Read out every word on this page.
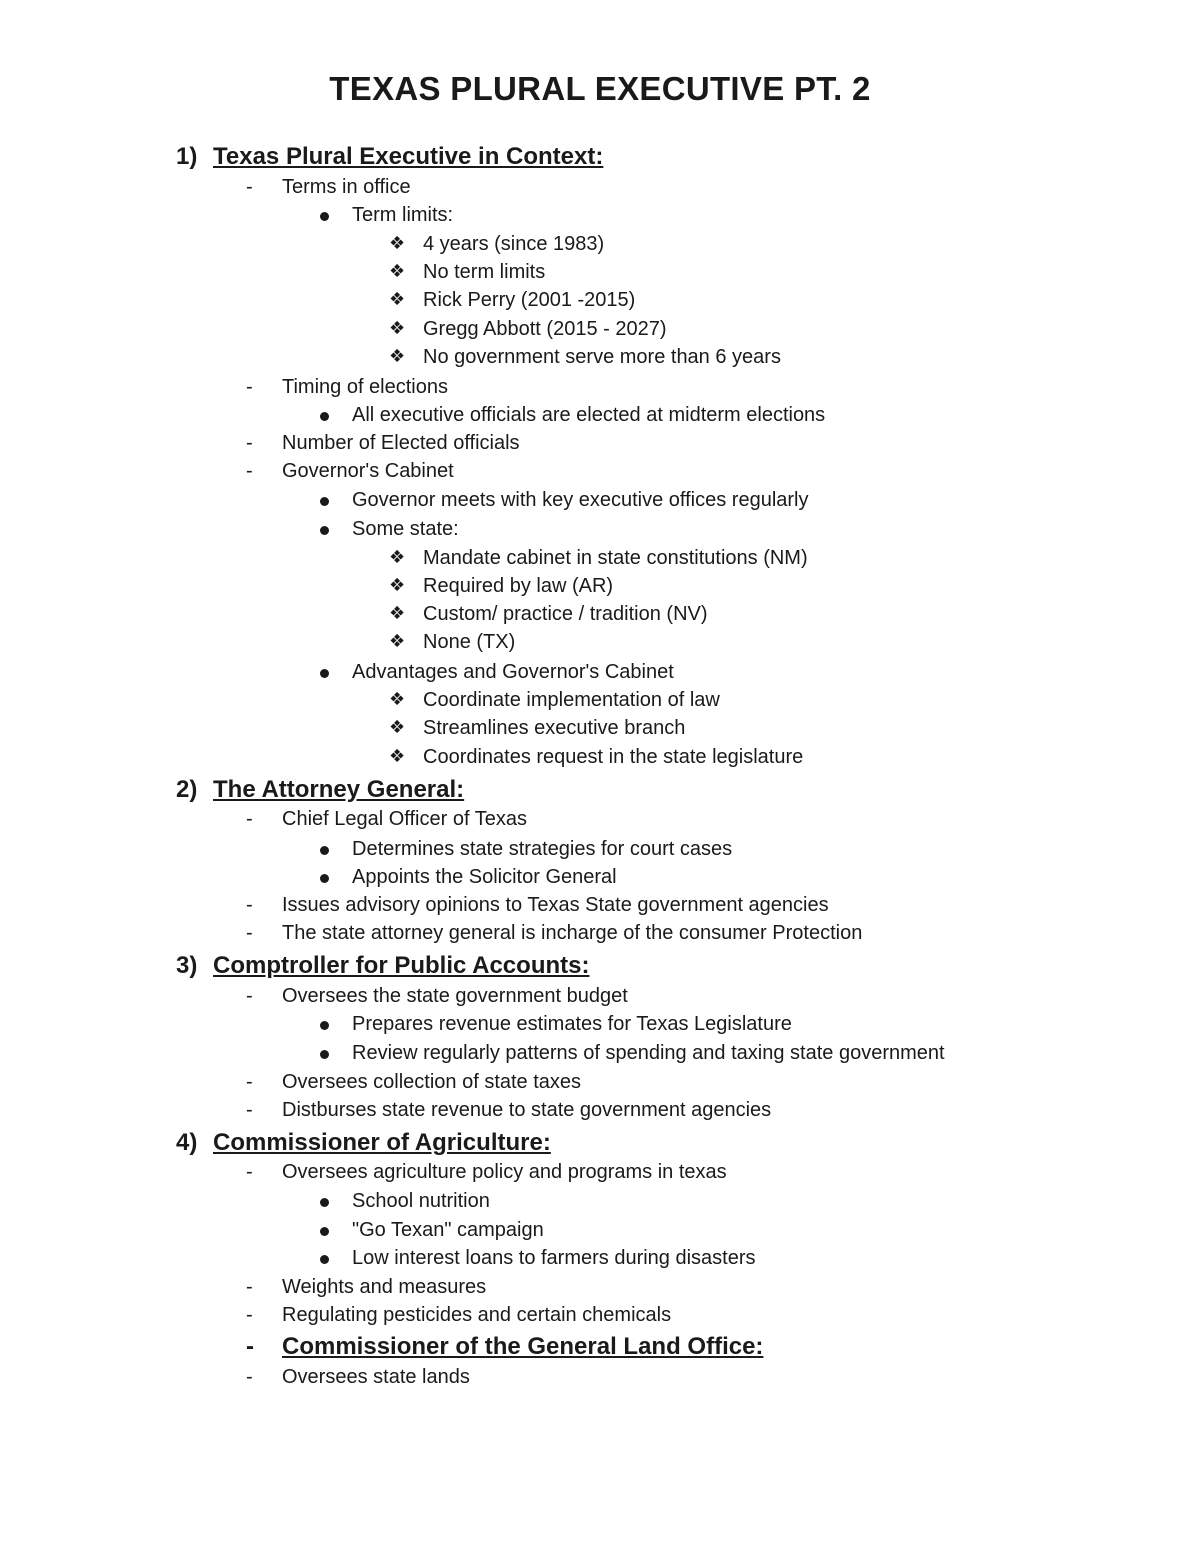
TEXAS PLURAL EXECUTIVE PT. 2
1) Texas Plural Executive in Context:
- Terms in office
Term limits:
❖ 4 years (since 1983)
❖ No term limits
❖ Rick Perry (2001 -2015)
❖ Gregg Abbott (2015 - 2027)
❖ No government serve more than 6 years
- Timing of elections
All executive officials are elected at midterm elections
- Number of Elected officials
- Governor's Cabinet
Governor meets with key executive offices regularly
Some state:
❖ Mandate cabinet in state constitutions (NM)
❖ Required by law (AR)
❖ Custom/ practice / tradition (NV)
❖ None (TX)
Advantages and Governor's Cabinet
❖ Coordinate implementation of law
❖ Streamlines executive branch
❖ Coordinates request in the state legislature
2) The Attorney General:
- Chief Legal Officer of Texas
Determines state strategies for court cases
Appoints the Solicitor General
- Issues advisory opinions to Texas State government agencies
- The state attorney general is incharge of the consumer Protection
3) Comptroller for Public Accounts:
- Oversees the state government budget
Prepares revenue estimates for Texas Legislature
Review regularly patterns of spending and taxing state government
- Oversees collection of state taxes
- Distburses state revenue to state government agencies
4) Commissioner of Agriculture:
- Oversees agriculture policy and programs in texas
School nutrition
"Go Texan" campaign
Low interest loans to farmers during disasters
- Weights and measures
- Regulating pesticides and certain chemicals
- Commissioner of the General Land Office:
- Oversees state lands
